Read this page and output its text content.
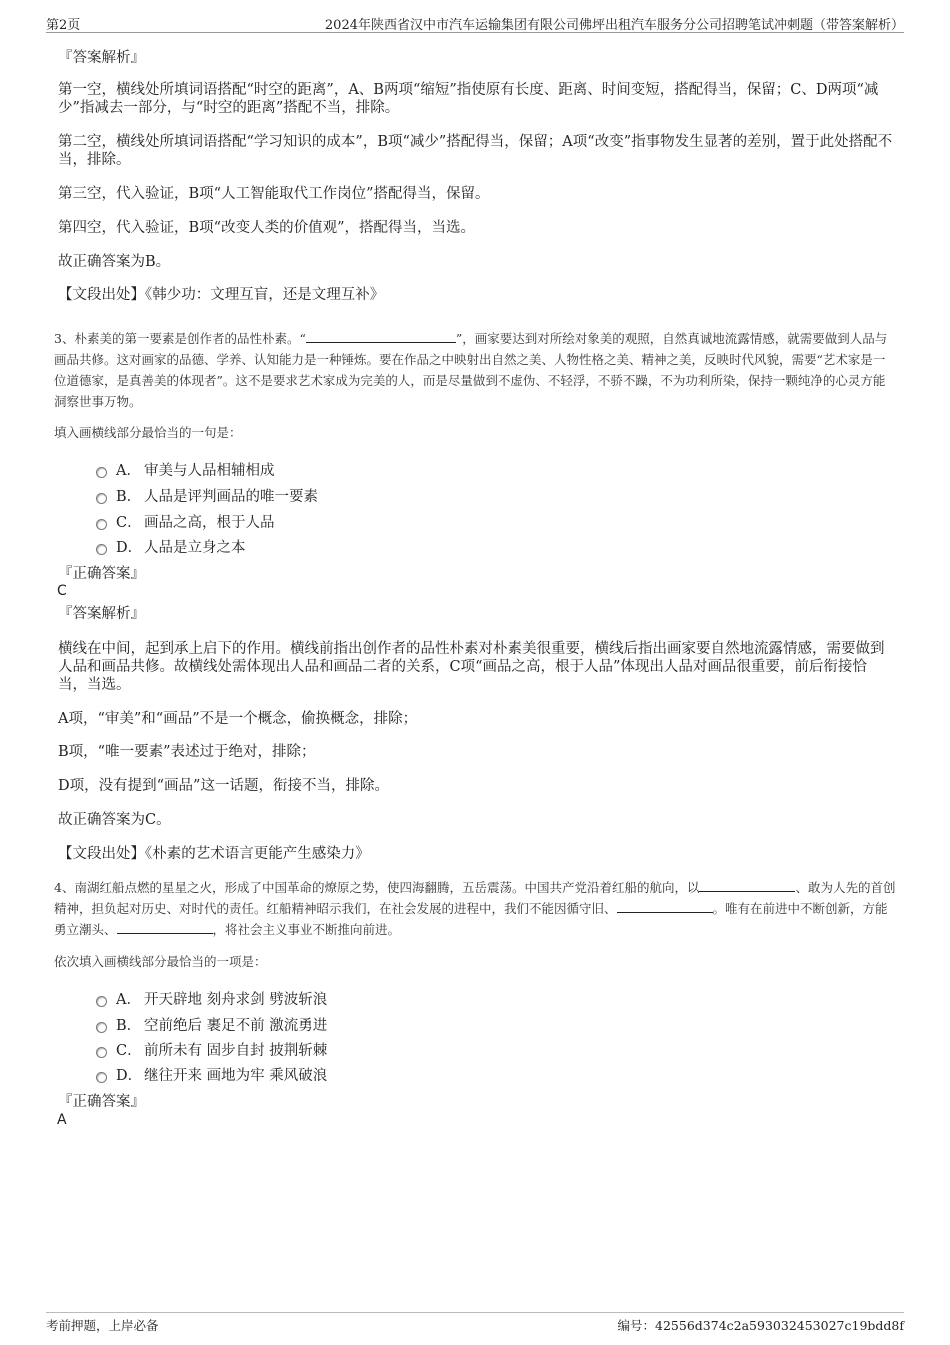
第2页	2024年陕西省汉中市汽车运输集团有限公司佛坪出租汽车服务分公司招聘笔试冲刺题（带答案解析）
『答案解析』
第一空，横线处所填词语搭配“时空的距离”，A、B两项“缩短”指使原有长度、距离、时间变短，搭配得当，保留；C、D两项“减少”指减去一部分，与“时空的距离”搭配不当，排除。
第二空，横线处所填词语搭配“学习知识的成本”，B项“减少”搭配得当，保留；A项“改变”指事物发生显著的差别，置于此处搭配不当，排除。
第三空，代入验证，B项“人工智能取代工作岗位”搭配得当，保留。
第四空，代入验证，B项“改变人类的价值观”，搭配得当，当选。
故正确答案为B。
【文段出处】《韩少功：文理互盲，还是文理互补》
3、朴素美的第一要素是创作者的品性朴素。“	”，画家要达到对所绘对象美的观照，自然真诚地流露情感，就需要做到人品与画品共修。这对画家的品德、学养、认知能力是一种锤炼。要在作品之中映射出自然之美、人物性格之美、精神之美，反映时代风貌，需要“艺术家是一位道德家，是真善美的体现者”。这不是要求艺术家成为完美的人，而是尽量做到不虚伪、不轻浮，不骄不躁，不为功利所染，保持一颗纯净的心灵方能洞察世事万物。
填入画横线部分最恰当的一句是：
A． 审美与人品相辅相成
B． 人品是评判画品的唯一要素
C． 画品之高，根于人品
D． 人品是立身之本
『正确答案』
C
『答案解析』
横线在中间，起到承上启下的作用。横线前指出创作者的品性朴素对朴素美很重要，横线后指出画家要自然地流露情感，需要做到人品和画品共修。故横线处需体现出人品和画品二者的关系，C项“画品之高，根于人品”体现出人品对画品很重要，前后衔接恰当，当选。
A项，“审美”和“画品”不是一个概念，偷换概念，排除；
B项，“唯一要素”表述过于绝对，排除；
D项，没有提到“画品”这一话题，衔接不当，排除。
故正确答案为C。
【文段出处】《朴素的艺术语言更能产生感染力》
4、南湖红船点燃的星星之火，形成了中国革命的燎原之势，使四海翻腾，五岳震荡。中国共产党沿着红船的航向，以	、敢为人先的首创精神，担负起对历史、对时代的责任。红船精神昭示我们，在社会发展的进程中，我们不能因循守旧、	。唯有在前进中不断创新，方能勇立潮头、	，将社会主义事业不断推向前进。
依次填入画横线部分最恰当的一项是：
A． 开天辟地 刻舟求剑 劈波斩浪
B． 空前绝后 裹足不前 激流勇进
C． 前所未有 固步自封 披荆斩棘
D． 继往开来 画地为牢 乘风破浪
『正确答案』
A
考前押题，上岸必备	编号：42556d374c2a593032453027c19bdd8f
